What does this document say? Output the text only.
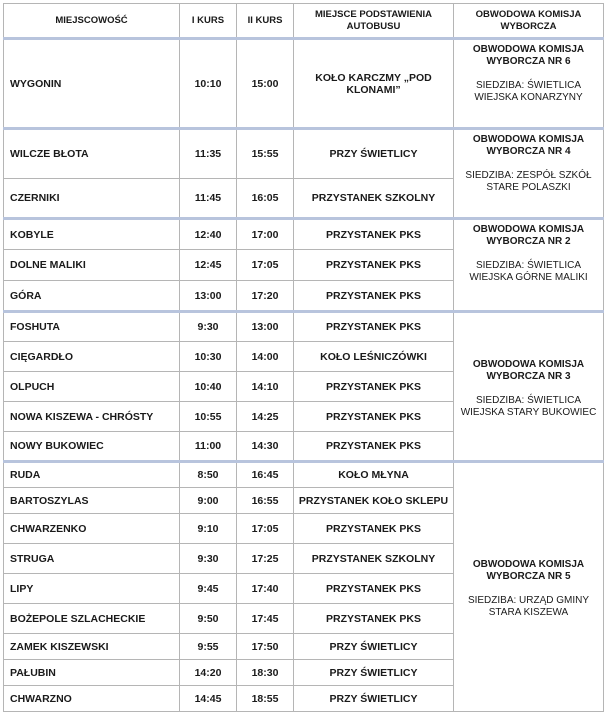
MIEJSCOWOŚĆ	I KURS	II KURS	MIEJSCE PODSTAWIENIA AUTOBUSU	OBWODOWA KOMISJA WYBORCZA
WYGONIN	10:10	15:00	KOŁO KARCZMY „POD KLONAMI”	OBWODOWA KOMISJA WYBORCZA NR 6
SIEDZIBA: ŚWIETLICA WIEJSKA KONARZYNY

WILCZE BŁOTA	11:35	15:55	PRZY ŚWIETLICY	OBWODOWA KOMISJA WYBORCZA NR 4
SIEDZIBA: ZESPÓŁ SZKÓŁ STARE POLASZKI

CZERNIKI	11:45	16:05	PRZYSTANEK SZKOLNY	
KOBYLE	12:40	17:00	PRZYSTANEK PKS	OBWODOWA KOMISJA WYBORCZA NR 2
SIEDZIBA: ŚWIETLICA WIEJSKA GÓRNE MALIKI

DOLNE MALIKI	12:45	17:05	PRZYSTANEK PKS	
GÓRA	13:00	17:20	PRZYSTANEK PKS	
FOSHUTA	9:30	13:00	PRZYSTANEK PKS	OBWODOWA KOMISJA WYBORCZA NR 3
SIEDZIBA: ŚWIETLICA WIEJSKA STARY BUKOWIEC

CIĘGARDŁO	10:30	14:00	KOŁO LEŚNICZÓWKI	
OLPUCH	10:40	14:10	PRZYSTANEK PKS	
NOWA KISZEWA - CHRÓSTY	10:55	14:25	PRZYSTANEK PKS	
NOWY BUKOWIEC	11:00	14:30	PRZYSTANEK PKS	
RUDA	8:50	16:45	KOŁO MŁYNA	OBWODOWA KOMISJA WYBORCZA NR 5
SIEDZIBA: URZĄD GMINY STARA KISZEWA

BARTOSZYLAS	9:00	16:55	PRZYSTANEK KOŁO SKLEPU	
CHWARZENKO	9:10	17:05	PRZYSTANEK PKS	
STRUGA	9:30	17:25	PRZYSTANEK SZKOLNY	
LIPY	9:45	17:40	PRZYSTANEK PKS	
BOŻEPOLE SZLACHECKIE	9:50	17:45	PRZYSTANEK PKS	
ZAMEK KISZEWSKI	9:55	17:50	PRZY ŚWIETLICY	
PAŁUBIN	14:20	18:30	PRZY ŚWIETLICY	
CHWARZNO	14:45	18:55	PRZY ŚWIETLICY	
